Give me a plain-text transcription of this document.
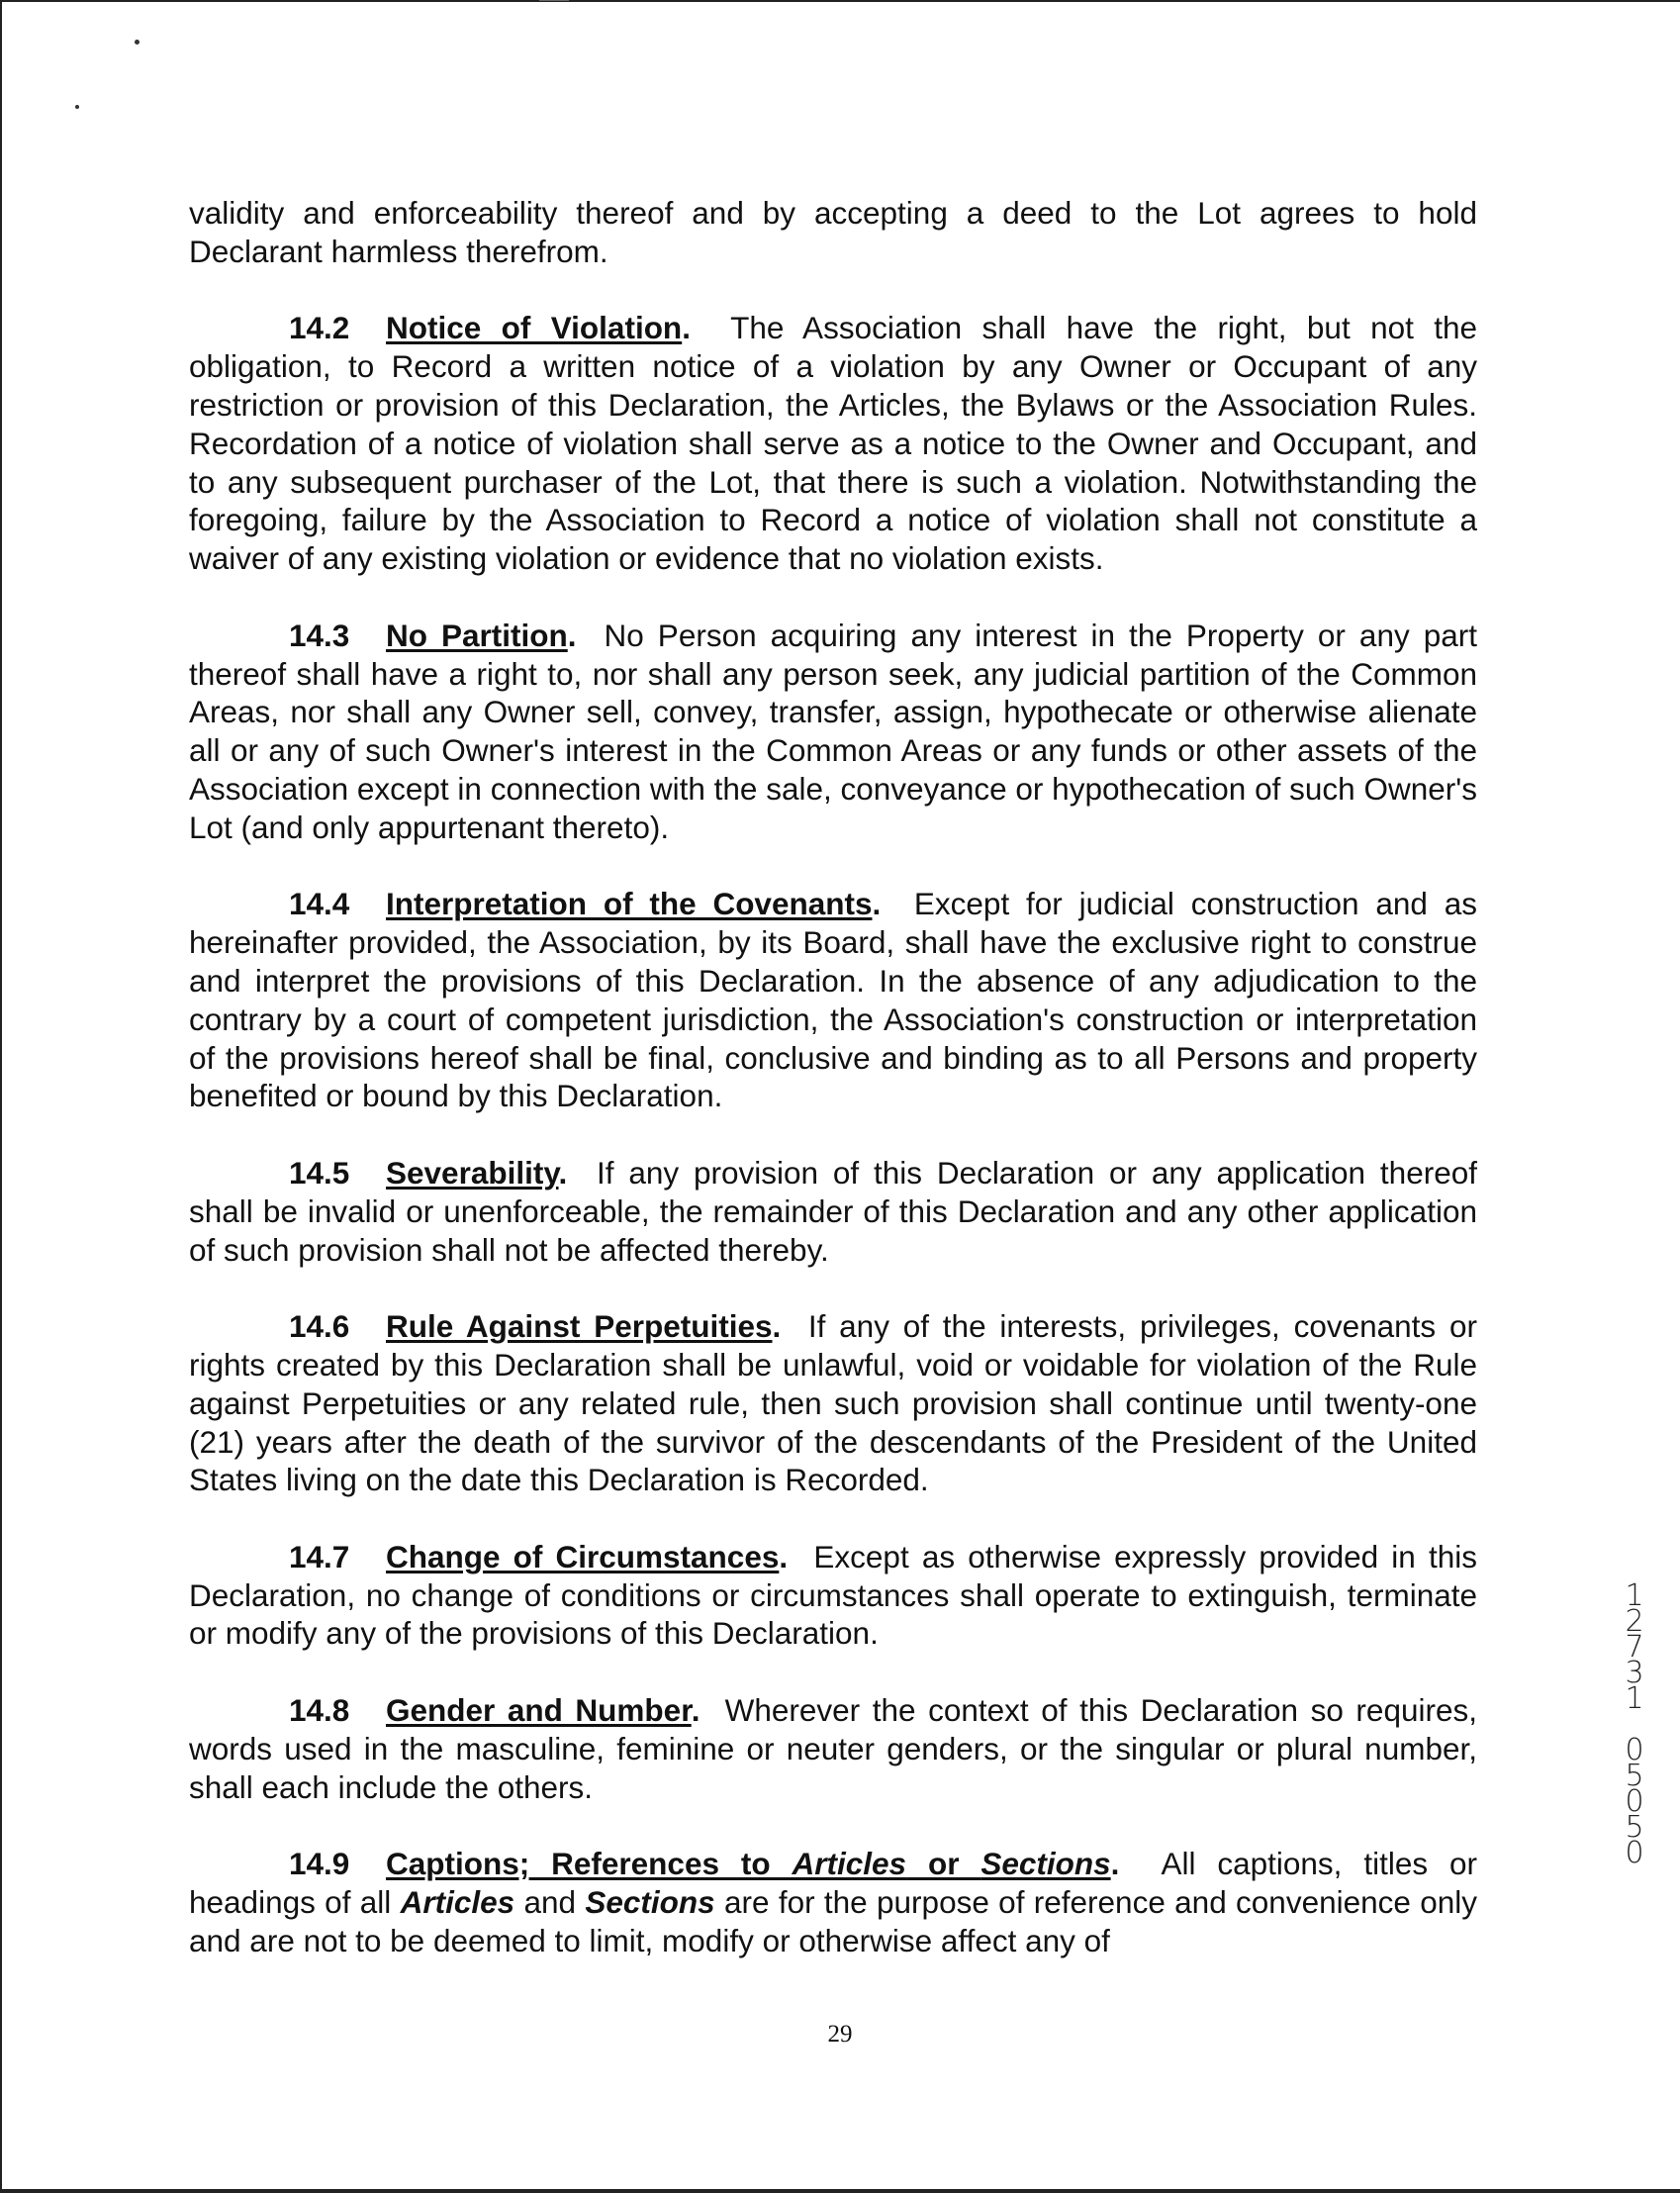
validity and enforceability thereof and by accepting a deed to the Lot agrees to hold Declarant harmless therefrom.

14.2 Notice of Violation. The Association shall have the right, but not the obligation, to Record a written notice of a violation by any Owner or Occupant of any restriction or provision of this Declaration, the Articles, the Bylaws or the Association Rules. Recordation of a notice of violation shall serve as a notice to the Owner and Occupant, and to any subsequent purchaser of the Lot, that there is such a violation. Notwithstanding the foregoing, failure by the Association to Record a notice of violation shall not constitute a waiver of any existing violation or evidence that no violation exists.

14.3 No Partition. No Person acquiring any interest in the Property or any part thereof shall have a right to, nor shall any person seek, any judicial partition of the Common Areas, nor shall any Owner sell, convey, transfer, assign, hypothecate or otherwise alienate all or any of such Owner's interest in the Common Areas or any funds or other assets of the Association except in connection with the sale, conveyance or hypothecation of such Owner's Lot (and only appurtenant thereto).

14.4 Interpretation of the Covenants. Except for judicial construction and as hereinafter provided, the Association, by its Board, shall have the exclusive right to construe and interpret the provisions of this Declaration. In the absence of any adjudication to the contrary by a court of competent jurisdiction, the Association's construction or interpretation of the provisions hereof shall be final, conclusive and binding as to all Persons and property benefited or bound by this Declaration.

14.5 Severability. If any provision of this Declaration or any application thereof shall be invalid or unenforceable, the remainder of this Declaration and any other application of such provision shall not be affected thereby.

14.6 Rule Against Perpetuities. If any of the interests, privileges, covenants or rights created by this Declaration shall be unlawful, void or voidable for violation of the Rule against Perpetuities or any related rule, then such provision shall continue until twenty-one (21) years after the death of the survivor of the descendants of the President of the United States living on the date this Declaration is Recorded.

14.7 Change of Circumstances. Except as otherwise expressly provided in this Declaration, no change of conditions or circumstances shall operate to extinguish, terminate or modify any of the provisions of this Declaration.

14.8 Gender and Number. Wherever the context of this Declaration so requires, words used in the masculine, feminine or neuter genders, or the singular or plural number, shall each include the others.

14.9 Captions; References to Articles or Sections. All captions, titles or headings of all Articles and Sections are for the purpose of reference and convenience only and are not to be deemed to limit, modify or otherwise affect any of

29
12731
05050
